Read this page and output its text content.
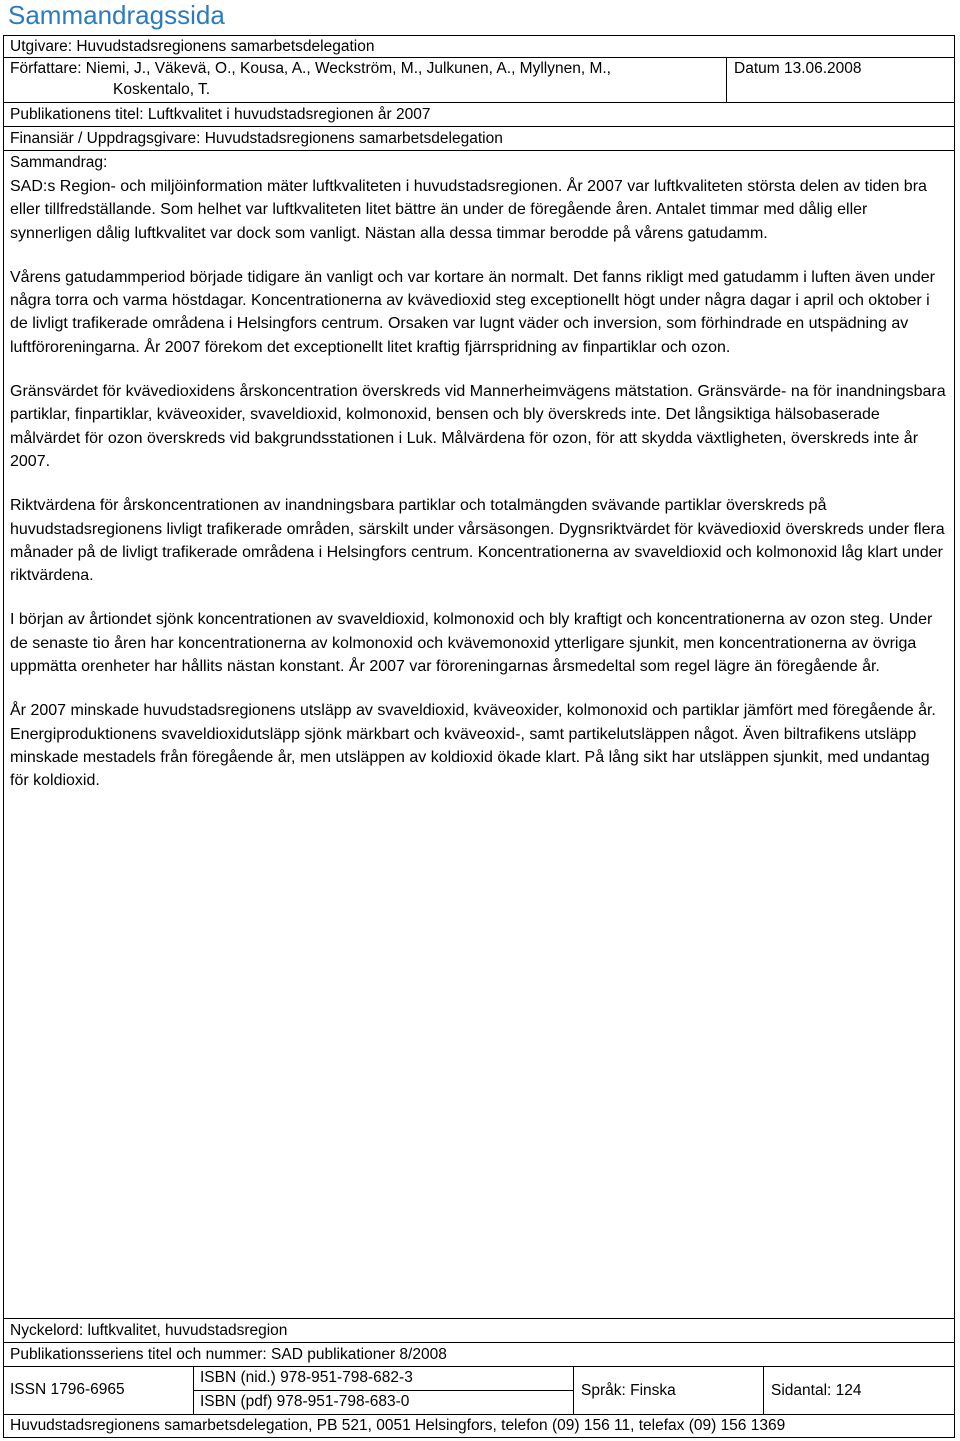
Sammandragssida
Utgivare: Huvudstadsregionens samarbetsdelegation
Författare: Niemi, J., Väkevä, O., Kousa, A., Weckström, M., Julkunen, A., Myllynen, M.,
Koskentalo, T.
Datum 13.06.2008
Publikationens titel: Luftkvalitet i huvudstadsregionen år 2007
Finansiär / Uppdragsgivare: Huvudstadsregionens samarbetsdelegation
Sammandrag:

SAD:s Region- och miljöinformation mäter luftkvaliteten i huvudstadsregionen. År 2007 var luftkvaliteten största delen av tiden bra eller tillfredställande. Som helhet var luftkvaliteten litet bättre än under de föregående åren. Antalet timmar med dålig eller synnerligen dålig luftkvalitet var dock som vanligt. Nästan alla dessa timmar berodde på vårens gatudamm.

Vårens gatudammperiod började tidigare än vanligt och var kortare än normalt. Det fanns rikligt med gatudamm i luften även under några torra och varma höstdagar. Koncentrationerna av kvävedioxid steg exceptionellt högt under några dagar i april och oktober i de livligt trafikerade områdena i Helsingfors centrum. Orsaken var lugnt väder och inversion, som förhindrade en utspädning av luftföroreningarna. År 2007 förekom det exceptionellt litet kraftig fjärrspridning av finpartiklar och ozon.

Gränsvärdet för kvävedioxidens årskoncentration överskreds vid Mannerheimvägens mätstation. Gränsvärde- na för inandningsbara partiklar, finpartiklar, kväveoxider, svaveldioxid, kolmonoxid, bensen och bly överskreds inte. Det långsiktiga hälsobaserade målvärdet för ozon överskreds vid bakgrundsstationen i Luk. Målvärdena för ozon, för att skydda växtligheten, överskreds inte år 2007.

Riktvärdena för årskoncentrationen av inandningsbara partiklar och totalmängden svävande partiklar överskreds på huvudstadsregionens livligt trafikerade områden, särskilt under vårsäsongen. Dygnsriktvärdet för kvävedioxid överskreds under flera månader på de livligt trafikerade områdena i Helsingfors centrum. Koncentrationerna av svaveldioxid och kolmonoxid låg klart under riktvärdena.

I början av årtiondet sjönk koncentrationen av svaveldioxid, kolmonoxid och bly kraftigt och koncentrationerna av ozon steg. Under de senaste tio åren har koncentrationerna av kolmonoxid och kvävemonoxid ytterligare sjunkit, men koncentrationerna av övriga uppmätta orenheter har hållits nästan konstant. År 2007 var föroreningarnas årsmedeltal som regel lägre än föregående år.

År 2007 minskade huvudstadsregionens utsläpp av svaveldioxid, kväveoxider, kolmonoxid och partiklar jämfört med föregående år. Energiproduktionens svaveldioxidutsläpp sjönk märkbart och kväveoxid-, samt partikelutsläppen något. Även biltrafikens utsläpp minskade mestadels från föregående år, men utsläppen av koldioxid ökade klart. På lång sikt har utsläppen sjunkit, med undantag för koldioxid.

Nyckelord: luftkvalitet, huvudstadsregion
Publikationsseriens titel och nummer: SAD publikationer 8/2008
ISSN 1796-6965
ISBN (nid.) 978-951-798-682-3
ISBN (pdf) 978-951-798-683-0
Språk: Finska	Sidantal: 124
Huvudstadsregionens samarbetsdelegation, PB 521, 0051 Helsingfors, telefon (09) 156 11, telefax (09) 156 1369
